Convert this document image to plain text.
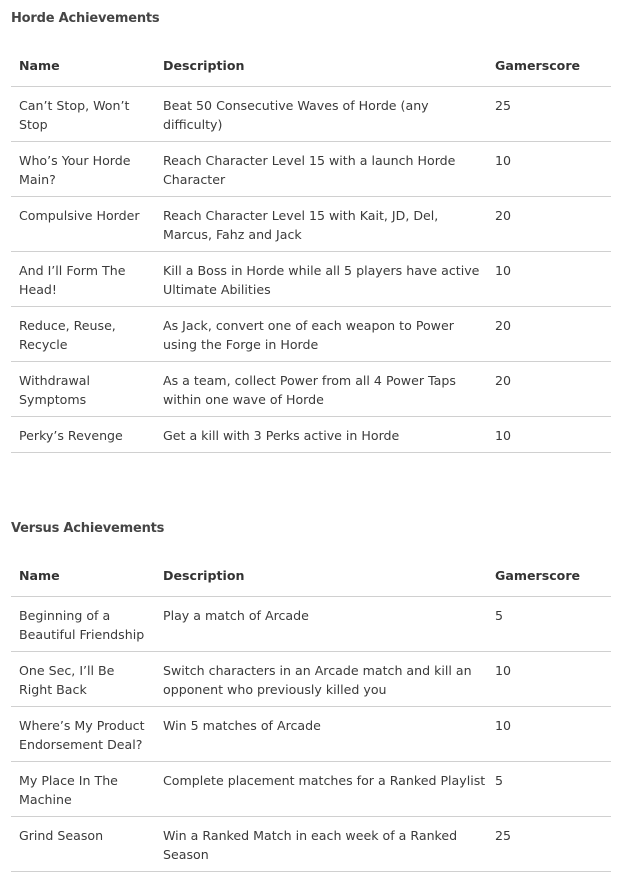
Horde Achievements
Name	Description	Gamerscore
Can’t Stop, Won’t Stop	Beat 50 Consecutive Waves of Horde (any difficulty)	25
Who’s Your Horde Main?	Reach Character Level 15 with a launch Horde Character	10
Compulsive Horder	Reach Character Level 15 with Kait, JD, Del, Marcus, Fahz and Jack	20
And I’ll Form The Head!	Kill a Boss in Horde while all 5 players have active Ultimate Abilities	10
Reduce, Reuse, Recycle	As Jack, convert one of each weapon to Power using the Forge in Horde	20
Withdrawal Symptoms	As a team, collect Power from all 4 Power Taps within one wave of Horde	20
Perky’s Revenge	Get a kill with 3 Perks active in Horde	10
Versus Achievements
Name	Description	Gamerscore
Beginning of a Beautiful Friendship	Play a match of Arcade	5
One Sec, I’ll Be Right Back	Switch characters in an Arcade match and kill an opponent who previously killed you	10
Where’s My Product Endorsement Deal?	Win 5 matches of Arcade	10
My Place In The Machine	Complete placement matches for a Ranked Playlist	5
Grind Season	Win a Ranked Match in each week of a Ranked Season	25
